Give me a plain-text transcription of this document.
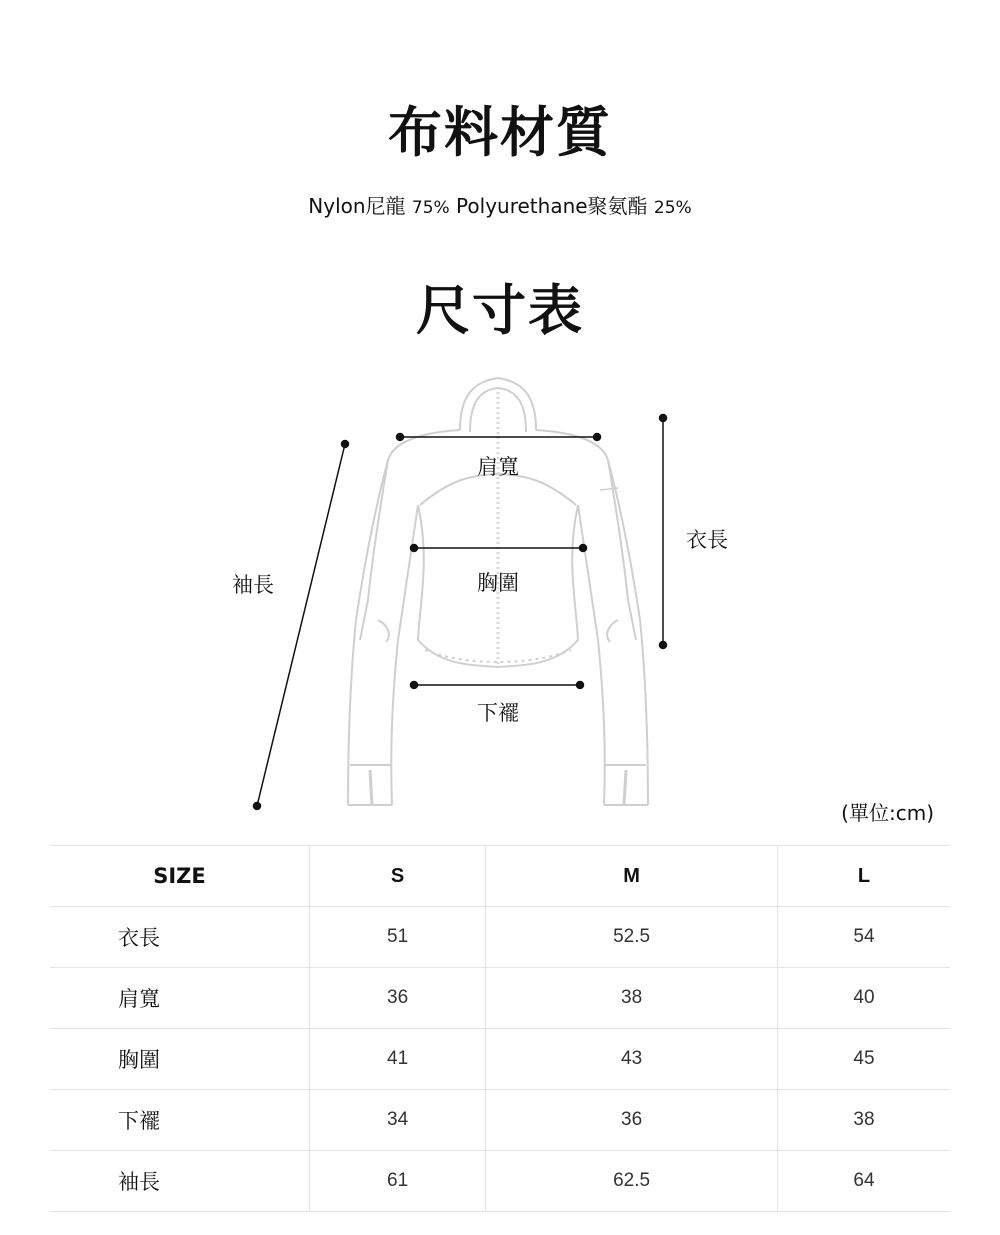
布料材質
Nylon尼龍 75% Polyurethane聚氨酯 25%
尺寸表
肩寬
胸圍
下襬
衣長
袖長
(單位:cm)
SIZE	S	M	L
衣長	51	52.5	54
肩寬	36	38	40
胸圍	41	43	45
下襬	34	36	38
袖長	61	62.5	64
